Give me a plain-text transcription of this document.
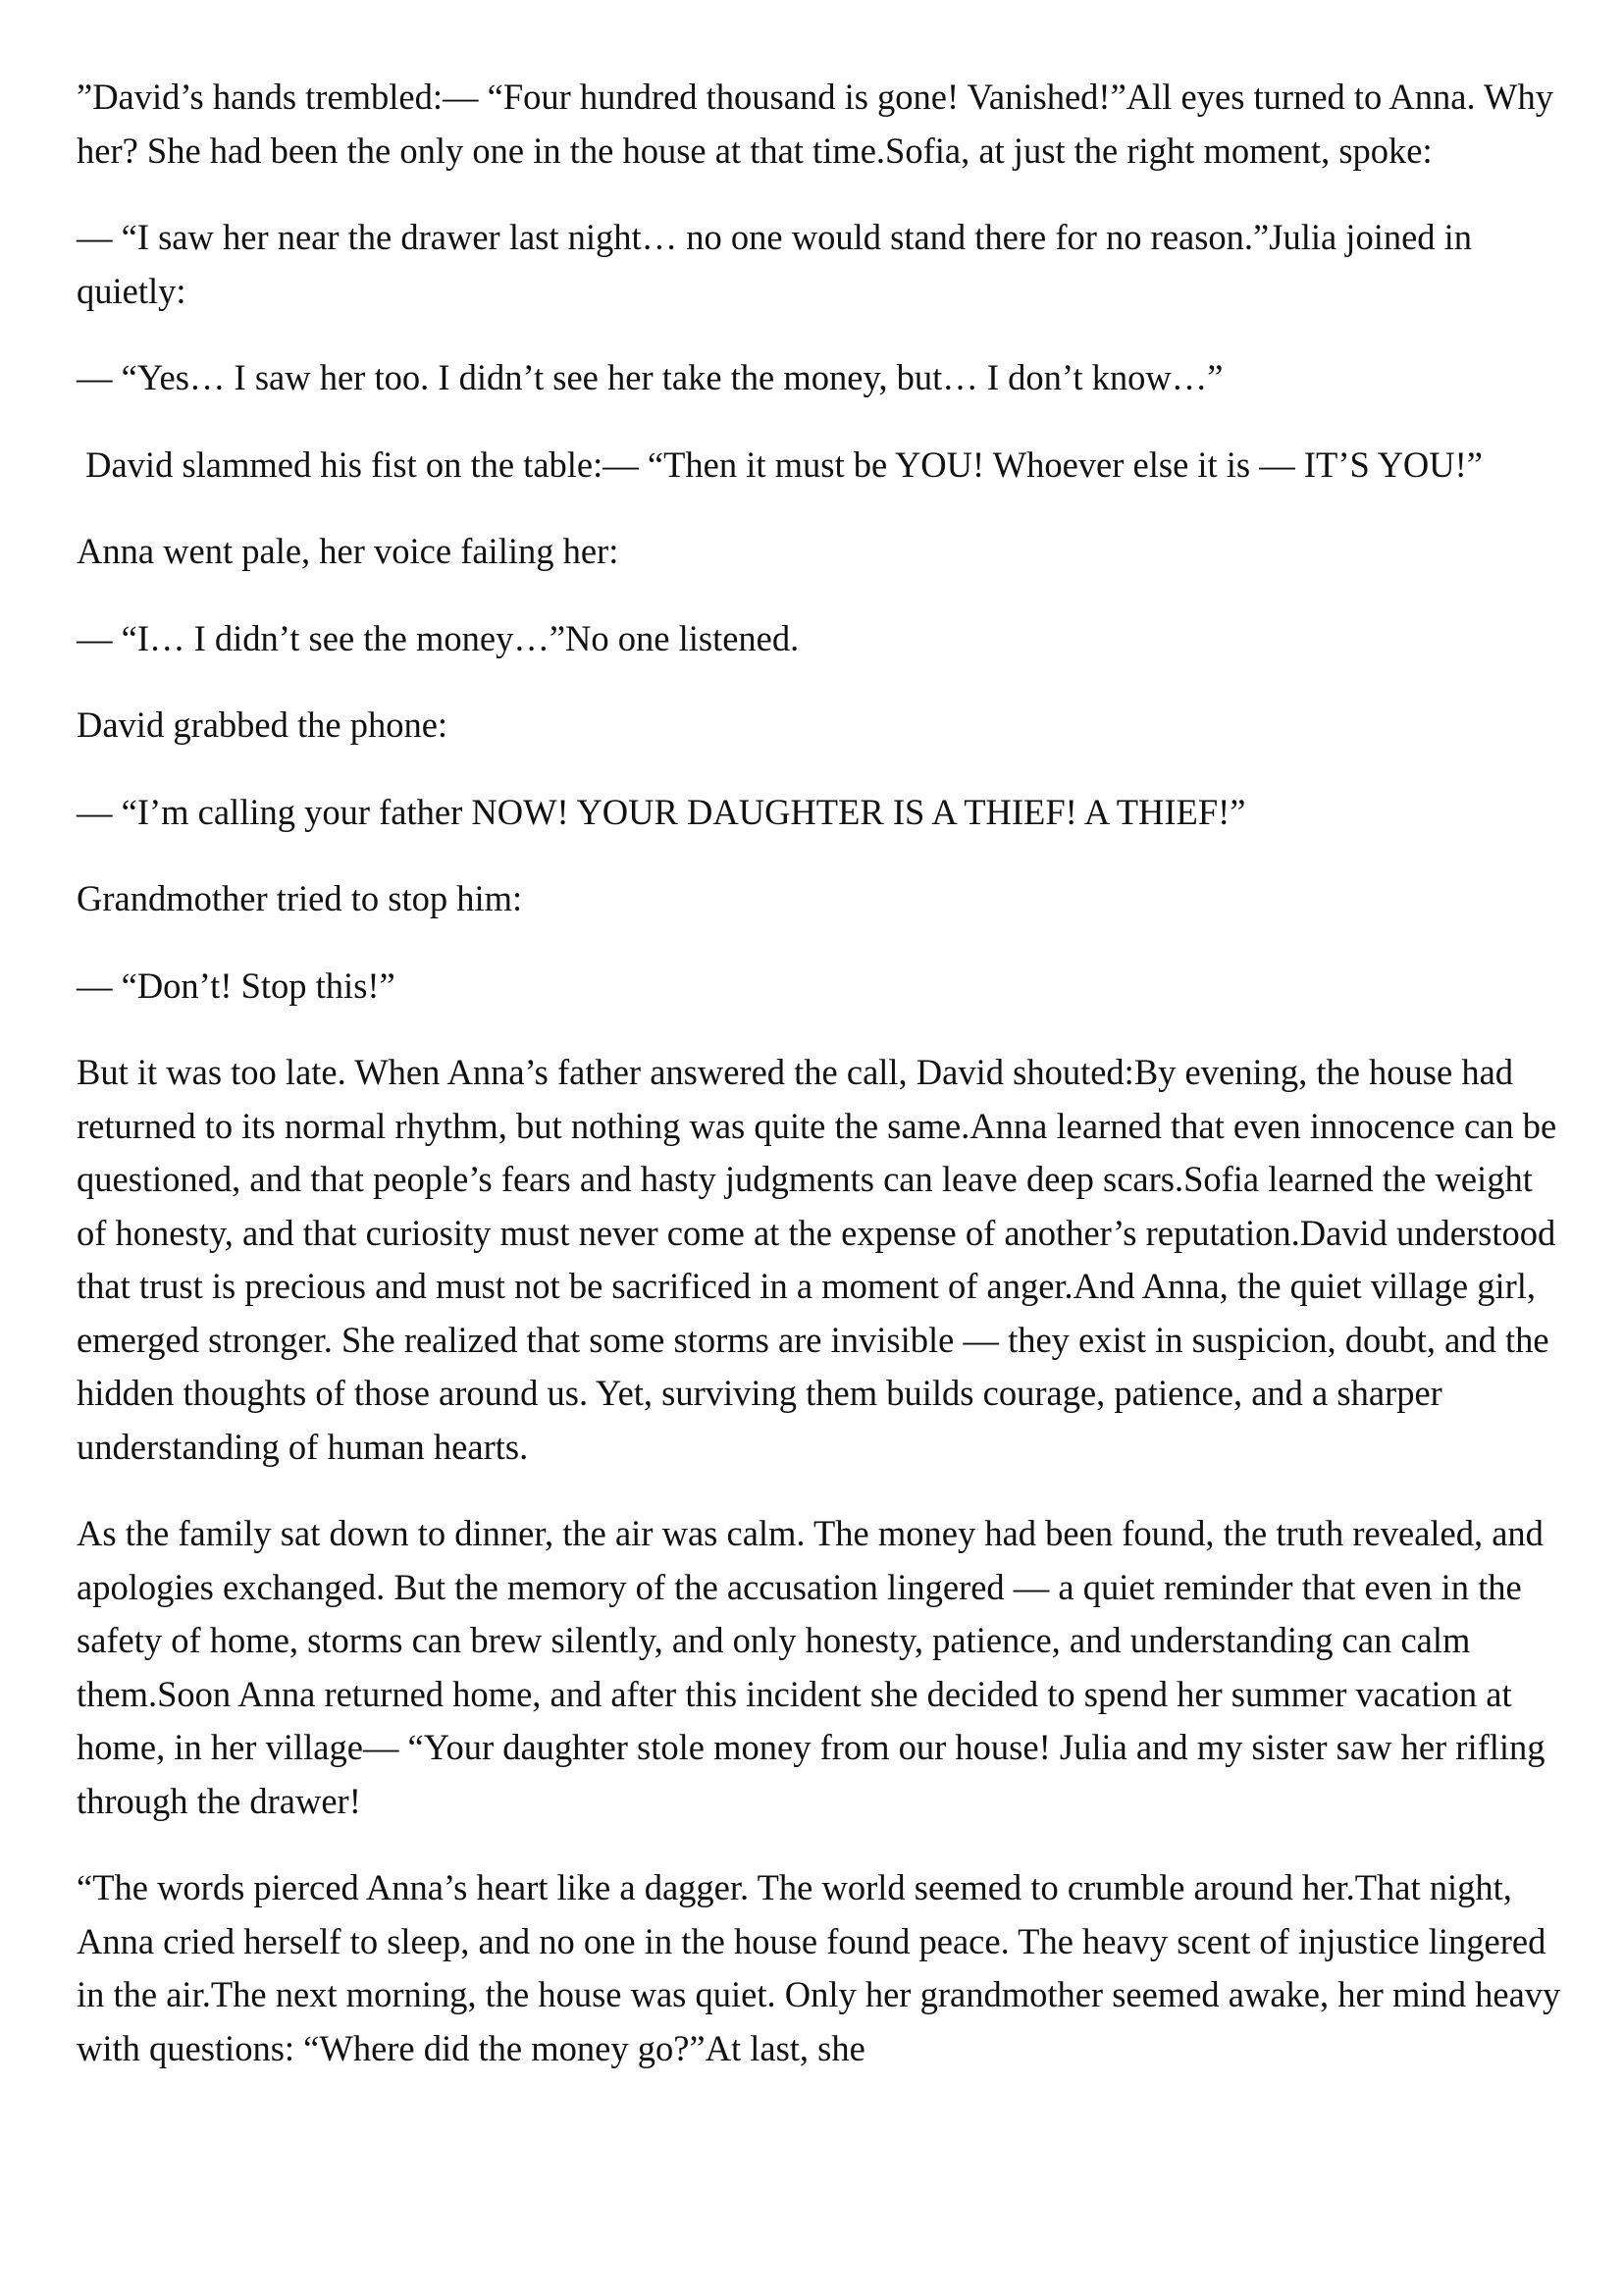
”David’s hands trembled:— “Four hundred thousand is gone! Vanished!”All eyes turned to Anna. Why her? She had been the only one in the house at that time.Sofia, at just the right moment, spoke:

— “I saw her near the drawer last night… no one would stand there for no reason.”Julia joined in quietly:

— “Yes… I saw her too. I didn’t see her take the money, but… I don’t know…”

David slammed his fist on the table:— “Then it must be YOU! Whoever else it is — IT’S YOU!”

Anna went pale, her voice failing her:

— “I… I didn’t see the money…”No one listened.

David grabbed the phone:

— “I’m calling your father NOW! YOUR DAUGHTER IS A THIEF! A THIEF!”

Grandmother tried to stop him:

— “Don’t! Stop this!”

But it was too late. When Anna’s father answered the call, David shouted:By evening, the house had returned to its normal rhythm, but nothing was quite the same.Anna learned that even innocence can be questioned, and that people’s fears and hasty judgments can leave deep scars.Sofia learned the weight of honesty, and that curiosity must never come at the expense of another’s reputation.David understood that trust is precious and must not be sacrificed in a moment of anger.And Anna, the quiet village girl, emerged stronger. She realized that some storms are invisible — they exist in suspicion, doubt, and the hidden thoughts of those around us. Yet, surviving them builds courage, patience, and a sharper understanding of human hearts.

As the family sat down to dinner, the air was calm. The money had been found, the truth revealed, and apologies exchanged. But the memory of the accusation lingered — a quiet reminder that even in the safety of home, storms can brew silently, and only honesty, patience, and understanding can calm them.Soon Anna returned home, and after this incident she decided to spend her summer vacation at home, in her village— “Your daughter stole money from our house! Julia and my sister saw her rifling through the drawer!

“The words pierced Anna’s heart like a dagger. The world seemed to crumble around her.That night, Anna cried herself to sleep, and no one in the house found peace. The heavy scent of injustice lingered in the air.The next morning, the house was quiet. Only her grandmother seemed awake, her mind heavy with questions: “Where did the money go?”At last, she
